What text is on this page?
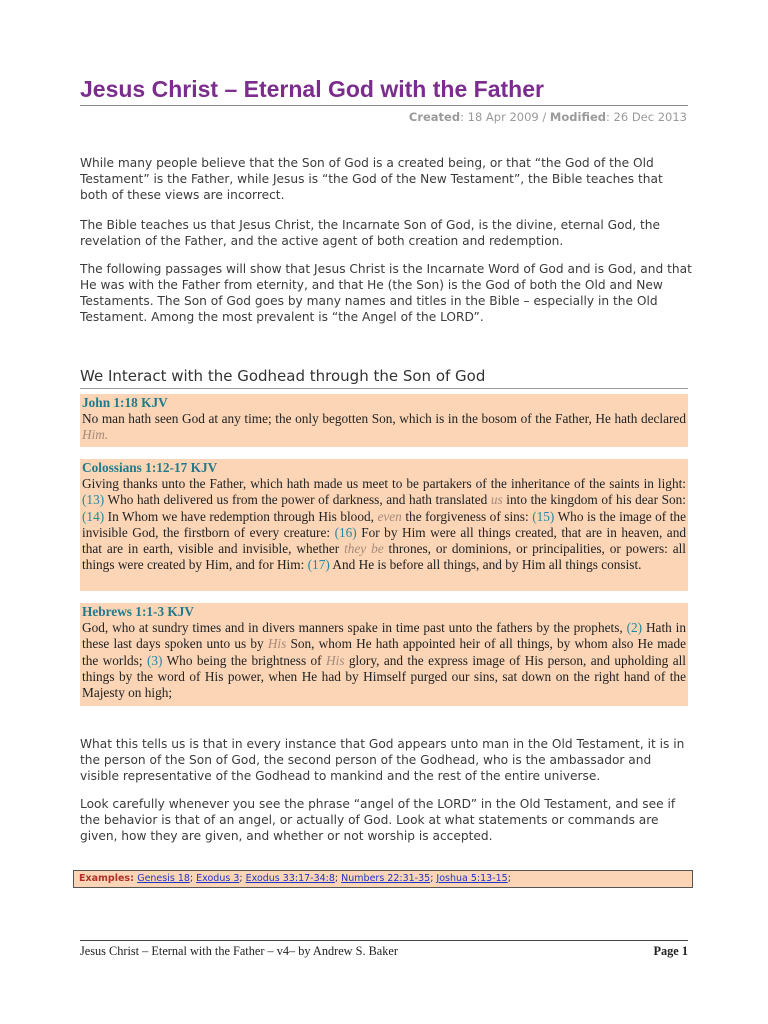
Jesus Christ – Eternal God with the Father
Created: 18 Apr 2009 / Modified: 26 Dec 2013
While many people believe that the Son of God is a created being, or that “the God of the Old Testament” is the Father, while Jesus is “the God of the New Testament”, the Bible teaches that both of these views are incorrect.
The Bible teaches us that Jesus Christ, the Incarnate Son of God, is the divine, eternal God, the revelation of the Father, and the active agent of both creation and redemption.
The following passages will show that Jesus Christ is the Incarnate Word of God and is God, and that He was with the Father from eternity, and that He (the Son) is the God of both the Old and New Testaments. The Son of God goes by many names and titles in the Bible – especially in the Old Testament. Among the most prevalent is “the Angel of the LORD”.
We Interact with the Godhead through the Son of God
John 1:18 KJV
No man hath seen God at any time; the only begotten Son, which is in the bosom of the Father, He hath declared Him.
Colossians 1:12-17 KJV
Giving thanks unto the Father, which hath made us meet to be partakers of the inheritance of the saints in light: (13) Who hath delivered us from the power of darkness, and hath translated us into the kingdom of his dear Son: (14) In Whom we have redemption through His blood, even the forgiveness of sins: (15) Who is the image of the invisible God, the firstborn of every creature: (16) For by Him were all things created, that are in heaven, and that are in earth, visible and invisible, whether they be thrones, or dominions, or principalities, or powers: all things were created by Him, and for Him: (17) And He is before all things, and by Him all things consist.
Hebrews 1:1-3 KJV
God, who at sundry times and in divers manners spake in time past unto the fathers by the prophets, (2) Hath in these last days spoken unto us by His Son, whom He hath appointed heir of all things, by whom also He made the worlds; (3) Who being the brightness of His glory, and the express image of His person, and upholding all things by the word of His power, when He had by Himself purged our sins, sat down on the right hand of the Majesty on high;
What this tells us is that in every instance that God appears unto man in the Old Testament, it is in the person of the Son of God, the second person of the Godhead, who is the ambassador and visible representative of the Godhead to mankind and the rest of the entire universe.
Look carefully whenever you see the phrase “angel of the LORD” in the Old Testament, and see if the behavior is that of an angel, or actually of God. Look at what statements or commands are given, how they are given, and whether or not worship is accepted.
Examples: Genesis 18; Exodus 3; Exodus 33:17-34:8; Numbers 22:31-35; Joshua 5:13-15;
Jesus Christ – Eternal with the Father – v4– by Andrew S. Baker	Page 1
